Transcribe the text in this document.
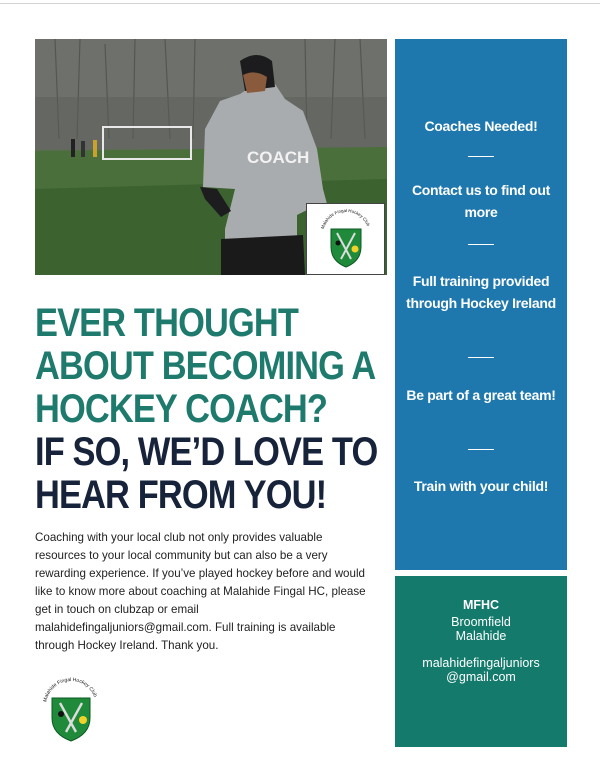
COACH
Malahide Fingal Hockey Club
EVER THOUGHT
ABOUT BECOMING A
HOCKEY COACH?
IF SO, WE’D LOVE TO
HEAR FROM YOU!
Coaching with your local club not only provides valuable resources to your local community but can also be a very rewarding experience. If you’ve played hockey before and would like to know more about coaching at Malahide Fingal HC, please get in touch on clubzap or email malahidefingaljuniors@gmail.com. Full training is available through Hockey Ireland. Thank you.
Coaches Needed!
Contact us to find out more
Full training provided through Hockey Ireland
Be part of a great team!
Train with your child!
MFHC
Broomfield
Malahide
malahidefingaljuniors@gmail.com
Malahide Fingal Hockey Club
